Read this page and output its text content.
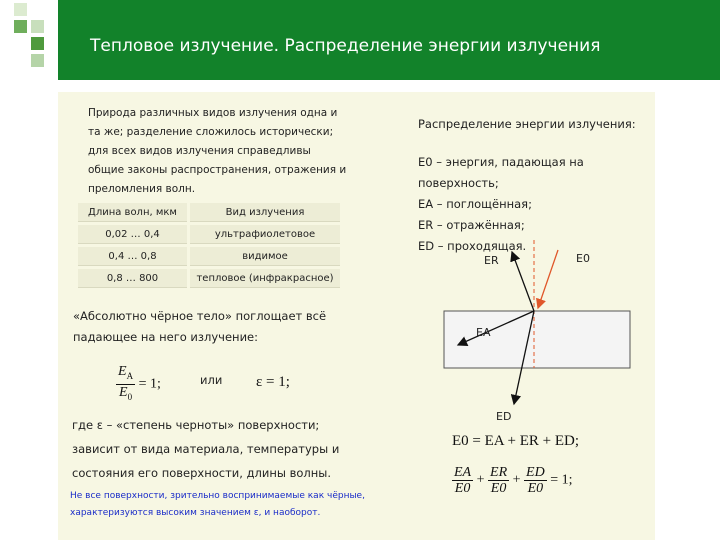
Тепловое излучение. Распределение энергии излучения
Природа различных видов излучения одна и та же; разделение сложилось исторически; для всех видов излучения справедливы общие законы распространения, отражения и преломления волн.
Длина волн, мкм	Вид излучения
0,02 … 0,4	ультрафиолетовое
0,4 … 0,8	видимое
0,8 … 800	тепловое (инфракрасное)
«Абсолютно чёрное тело» поглощает всё падающее на него излучение:
$\frac{E_A}{E_0} = 1$;	или ε = 1;
где ε – «степень черноты» поверхности; зависит от вида материала, температуры и состояния его поверхности, длины волны.
Не все поверхности, зрительно воспринимаемые как чёрные, характеризуются высоким значением ε, и наоборот.
Распределение энергии излучения:
E0 – энергия, падающая на поверхность;
EA – поглощённая;
ER – отражённая;
ED – проходящая.
ER	E0
EA
ED
E0 = EA + ER + ED;
$\frac{EA}{E0} + \frac{ER}{E0} + \frac{ED}{E0} = 1$;
